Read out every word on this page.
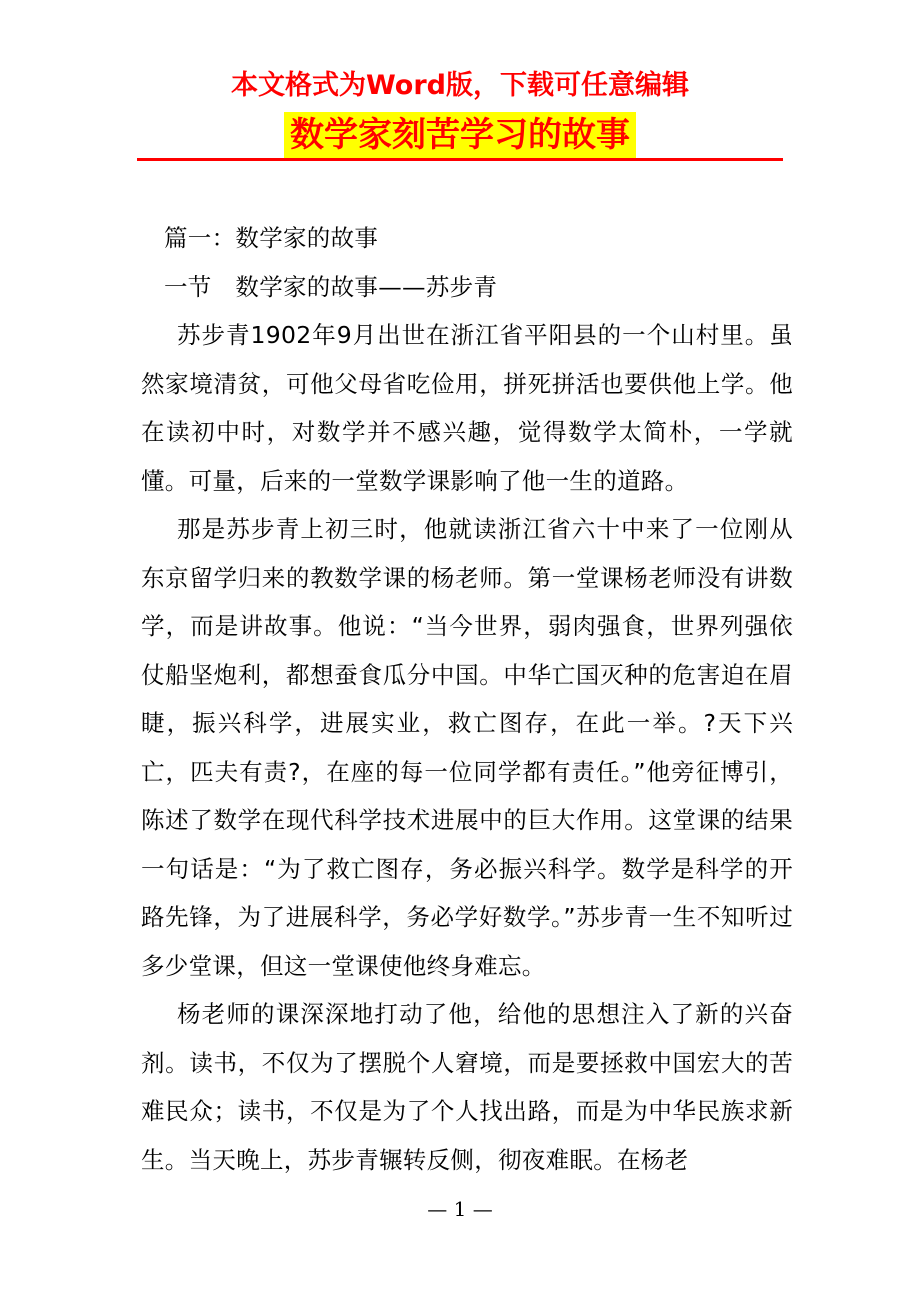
本文格式为Word版，下载可任意编辑
数学家刻苦学习的故事

篇一：数学家的故事

一节　数学家的故事——苏步青

苏步青1902年9月出世在浙江省平阳县的一个山村里。虽然家境清贫，可他父母省吃俭用，拼死拼活也要供他上学。他在读初中时，对数学并不感兴趣，觉得数学太简朴，一学就懂。可量，后来的一堂数学课影响了他一生的道路。

那是苏步青上初三时，他就读浙江省六十中来了一位刚从东京留学归来的教数学课的杨老师。第一堂课杨老师没有讲数学，而是讲故事。他说：“当今世界，弱肉强食，世界列强依仗船坚炮利，都想蚕食瓜分中国。中华亡国灭种的危害迫在眉睫，振兴科学，进展实业，救亡图存，在此一举。?天下兴亡，匹夫有责?，在座的每一位同学都有责任。”他旁征博引，陈述了数学在现代科学技术进展中的巨大作用。这堂课的结果一句话是：“为了救亡图存，务必振兴科学。数学是科学的开路先锋，为了进展科学，务必学好数学。”苏步青一生不知听过多少堂课，但这一堂课使他终身难忘。

杨老师的课深深地打动了他，给他的思想注入了新的兴奋剂。读书，不仅为了摆脱个人窘境，而是要拯救中国宏大的苦难民众；读书，不仅是为了个人找出路，而是为中华民族求新生。当天晚上，苏步青辗转反侧，彻夜难眠。在杨老

— 1 —
